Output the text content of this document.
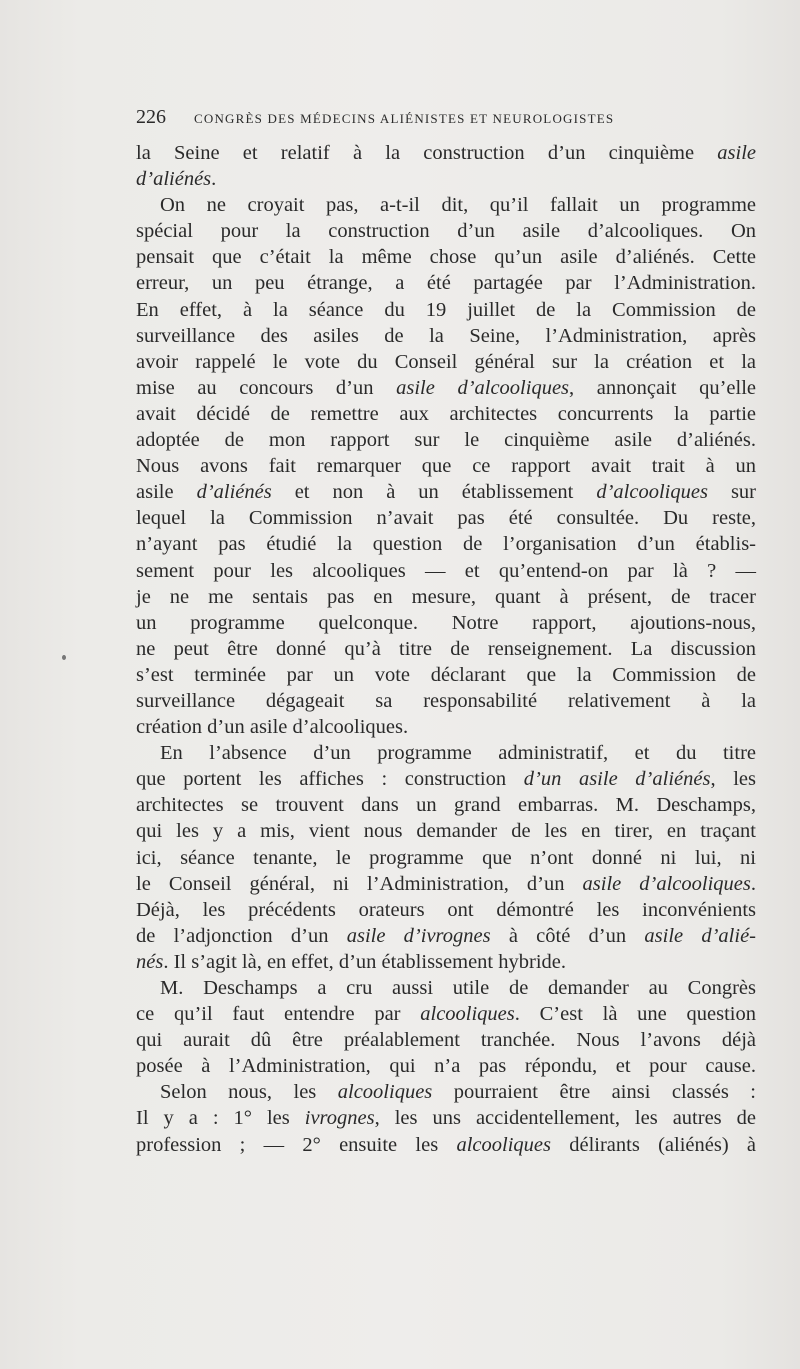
226	CONGRÈS DES MÉDECINS ALIÉNISTES ET NEUROLOGISTES
la Seine et relatif à la construction d’un cinquième asile
d’aliénés.
On ne croyait pas, a-t-il dit, qu’il fallait un programme
spécial pour la construction d’un asile d’alcooliques. On
pensait que c’était la même chose qu’un asile d’aliénés. Cette
erreur, un peu étrange, a été partagée par l’Administration.
En effet, à la séance du 19 juillet de la Commission de
surveillance des asiles de la Seine, l’Administration, après
avoir rappelé le vote du Conseil général sur la création et la
mise au concours d’un asile d’alcooliques, annonçait qu’elle
avait décidé de remettre aux architectes concurrents la partie
adoptée de mon rapport sur le cinquième asile d’aliénés.
Nous avons fait remarquer que ce rapport avait trait à un
asile d’aliénés et non à un établissement d’alcooliques sur
lequel la Commission n’avait pas été consultée. Du reste,
n’ayant pas étudié la question de l’organisation d’un établis-
sement pour les alcooliques — et qu’entend-on par là ? —
je ne me sentais pas en mesure, quant à présent, de tracer
un programme quelconque. Notre rapport, ajoutions-nous,
ne peut être donné qu’à titre de renseignement. La discussion
s’est terminée par un vote déclarant que la Commission de
surveillance dégageait sa responsabilité relativement à la
création d’un asile d’alcooliques.
En l’absence d’un programme administratif, et du titre
que portent les affiches : construction d’un asile d’aliénés, les
architectes se trouvent dans un grand embarras. M. Deschamps,
qui les y a mis, vient nous demander de les en tirer, en traçant
ici, séance tenante, le programme que n’ont donné ni lui, ni
le Conseil général, ni l’Administration, d’un asile d’alcooliques.
Déjà, les précédents orateurs ont démontré les inconvénients
de l’adjonction d’un asile d’ivrognes à côté d’un asile d’alié-
nés. Il s’agit là, en effet, d’un établissement hybride.
M. Deschamps a cru aussi utile de demander au Congrès
ce qu’il faut entendre par alcooliques. C’est là une question
qui aurait dû être préalablement tranchée. Nous l’avons déjà
posée à l’Administration, qui n’a pas répondu, et pour cause.
Selon nous, les alcooliques pourraient être ainsi classés :
Il y a : 1° les ivrognes, les uns accidentellement, les autres de
profession ; — 2° ensuite les alcooliques délirants (aliénés) à
